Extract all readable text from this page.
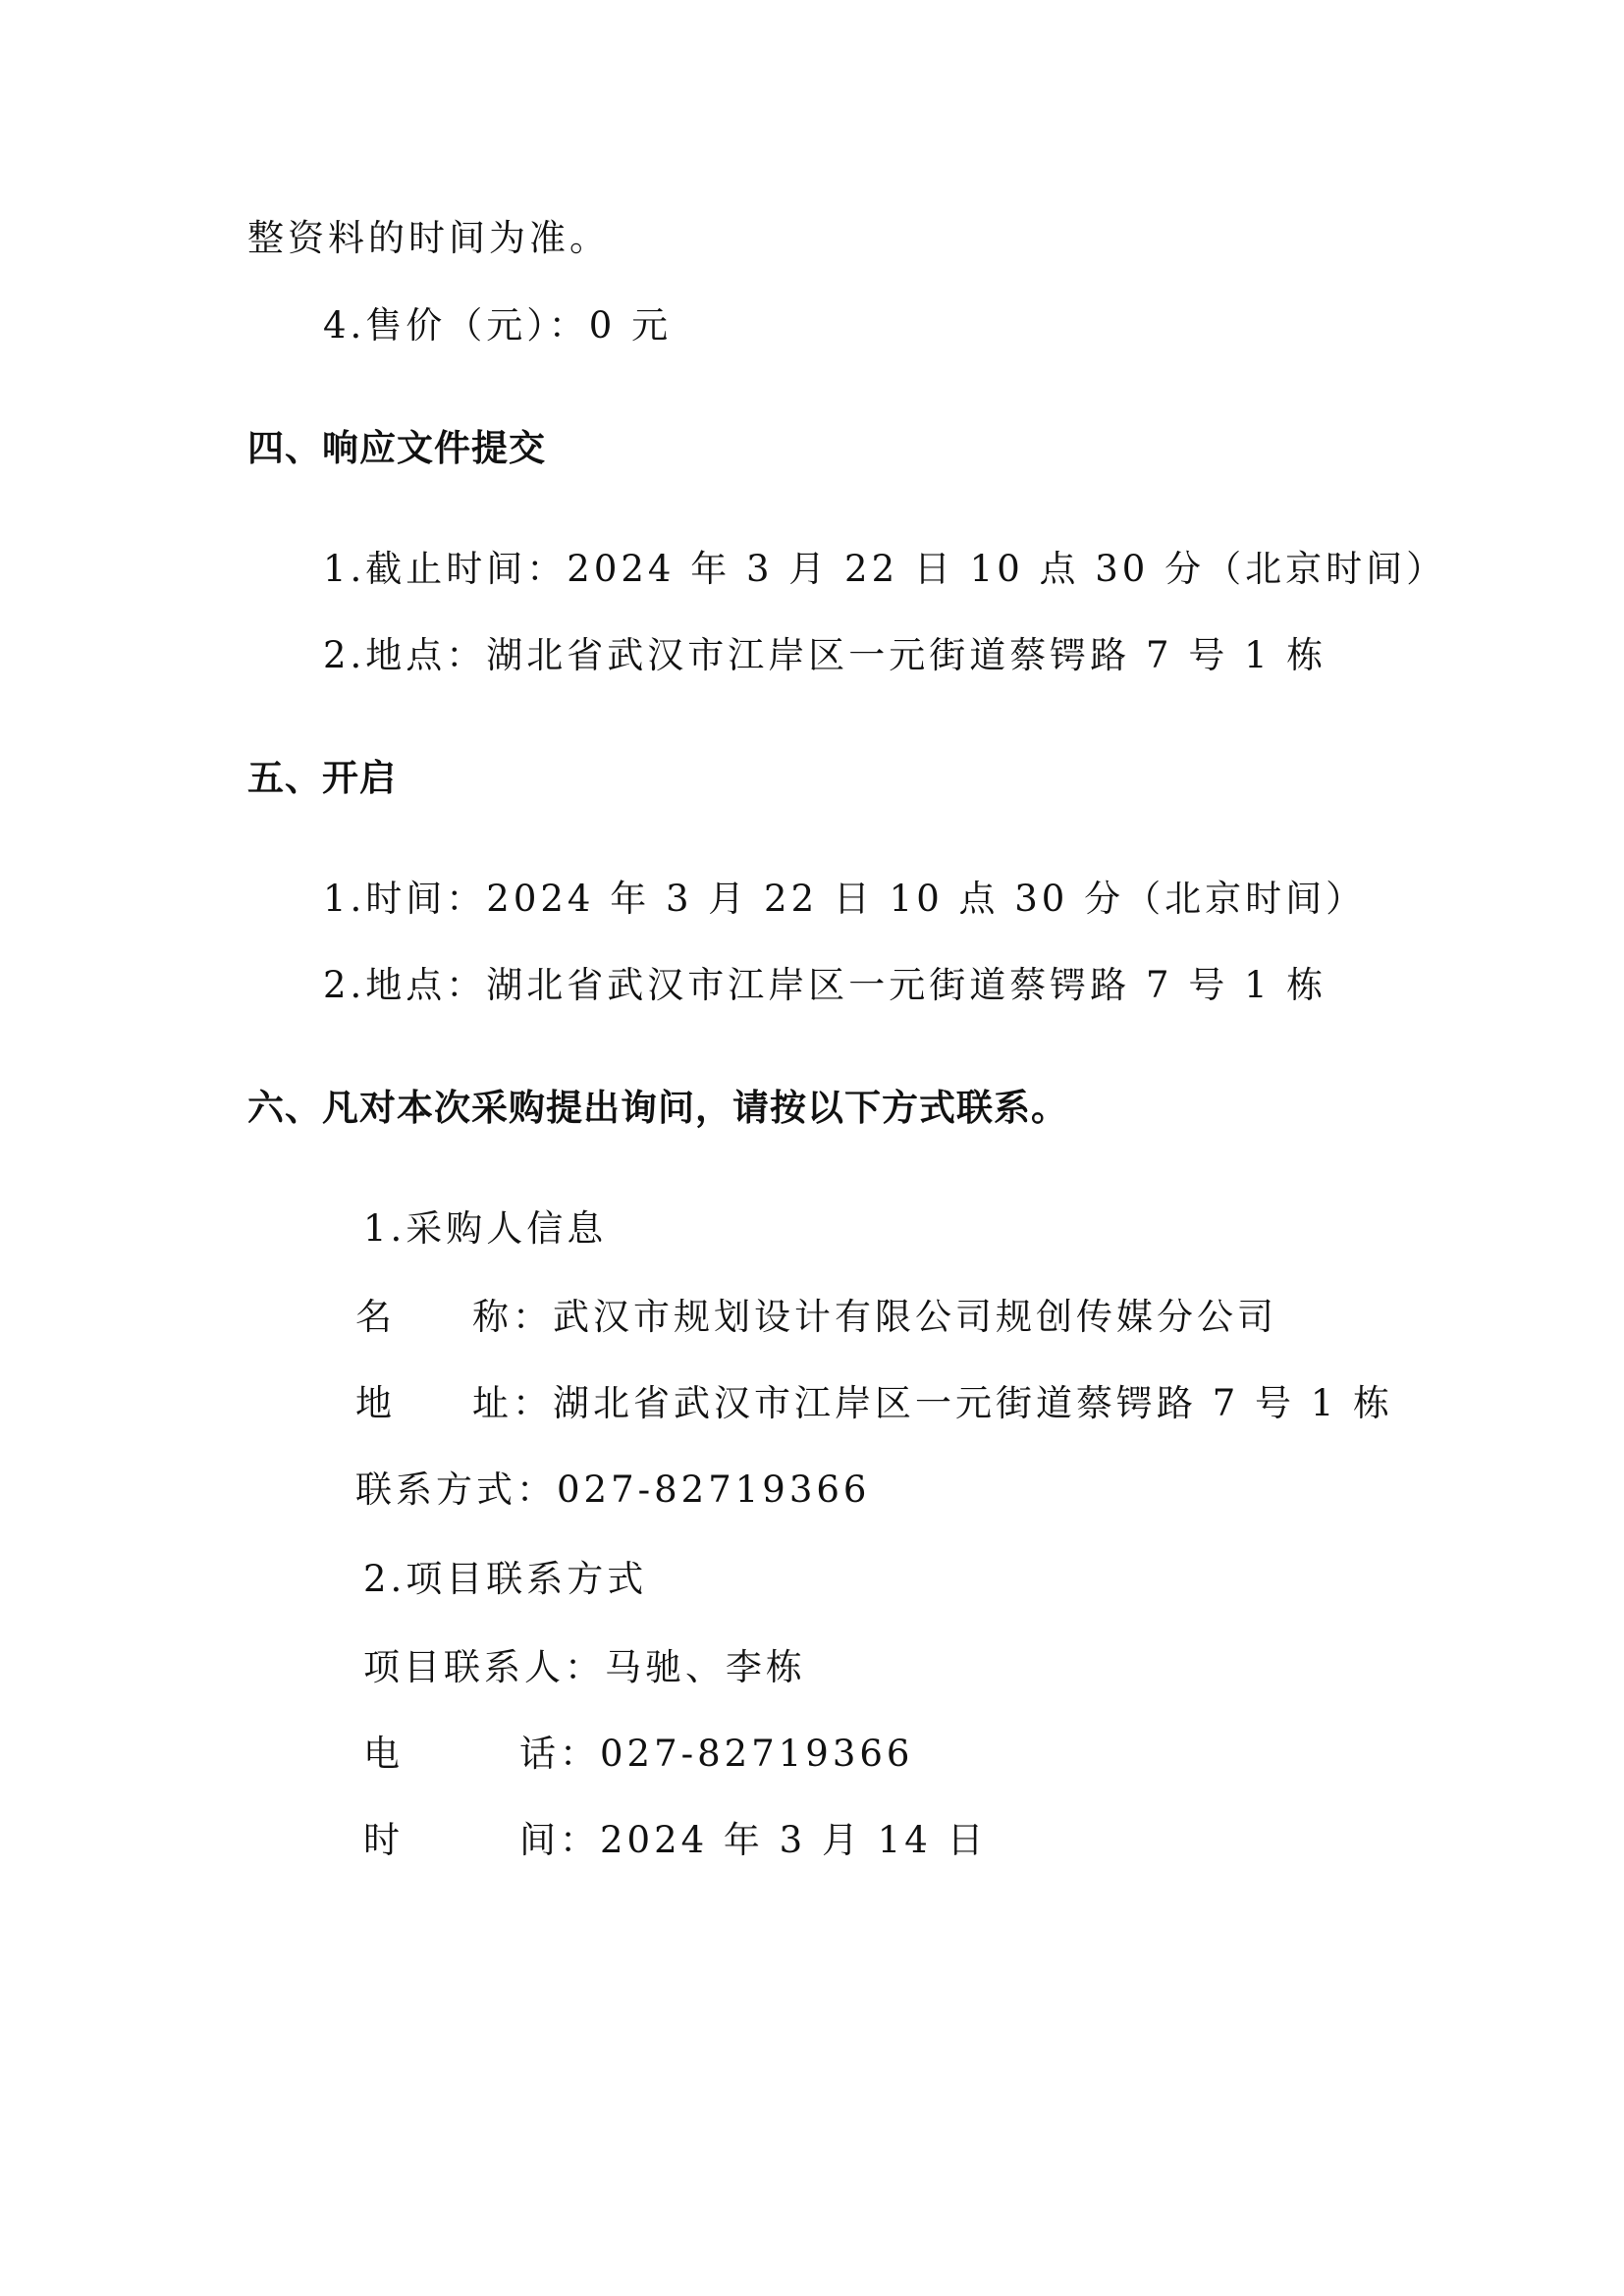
整资料的时间为准。
4.售价（元）：0 元
四、响应文件提交
1.截止时间：2024 年 3 月 22 日 10 点 30 分（北京时间）
2.地点：湖北省武汉市江岸区一元街道蔡锷路 7 号 1 栋
五、开启
1.时间：2024 年 3 月 22 日 10 点 30 分（北京时间）
2.地点：湖北省武汉市江岸区一元街道蔡锷路 7 号 1 栋
六、凡对本次采购提出询问，请按以下方式联系。
1.采购人信息
名 称：武汉市规划设计有限公司规创传媒分公司
地 址：湖北省武汉市江岸区一元街道蔡锷路 7 号 1 栋
联系方式：027-82719366
2.项目联系方式
项目联系人：马驰、李栋
电	话：027-82719366
时	间：2024 年 3 月 14 日
